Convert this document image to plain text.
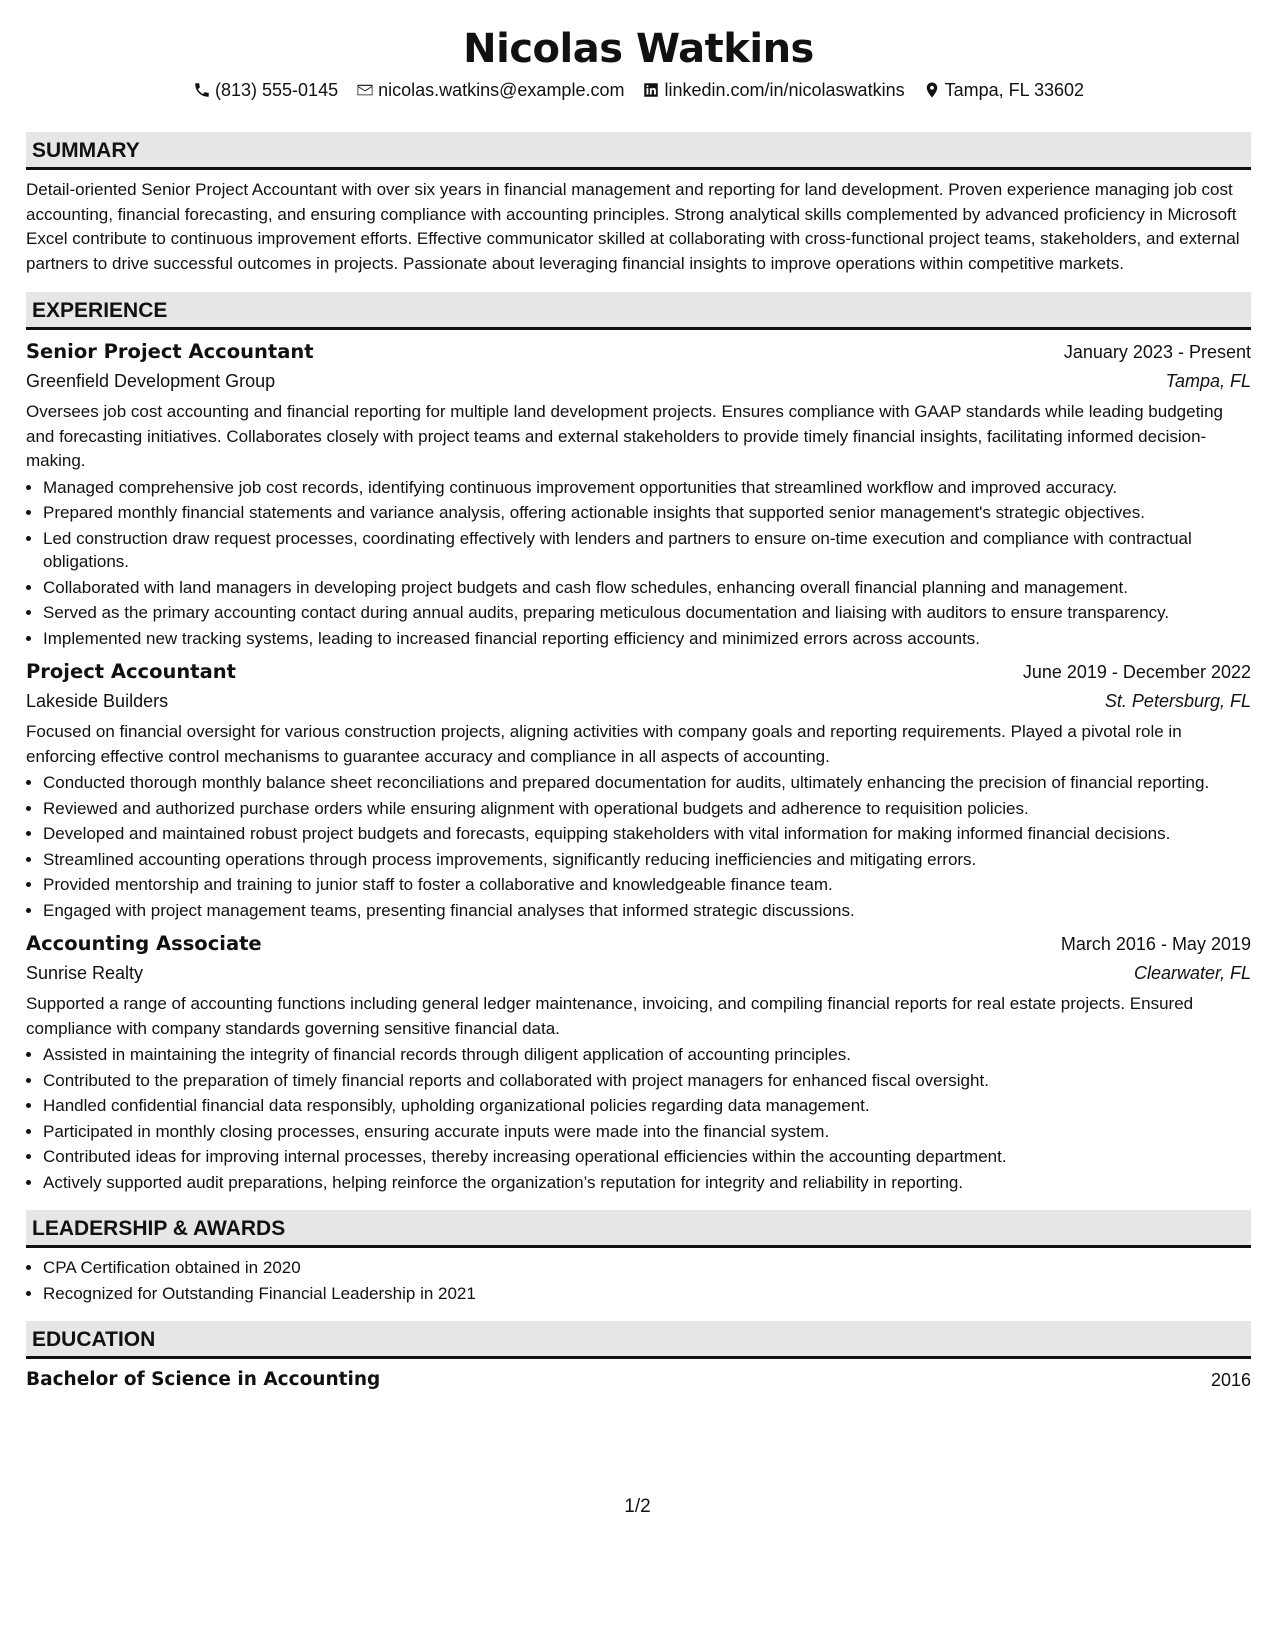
Nicolas Watkins
(813) 555-0145 nicolas.watkins@example.com linkedin.com/in/nicolaswatkins Tampa, FL 33602
SUMMARY
Detail-oriented Senior Project Accountant with over six years in financial management and reporting for land development. Proven experience managing job cost accounting, financial forecasting, and ensuring compliance with accounting principles. Strong analytical skills complemented by advanced proficiency in Microsoft Excel contribute to continuous improvement efforts. Effective communicator skilled at collaborating with cross-functional project teams, stakeholders, and external partners to drive successful outcomes in projects. Passionate about leveraging financial insights to improve operations within competitive markets.
EXPERIENCE
Senior Project Accountant	January 2023 - Present
Greenfield Development Group	Tampa, FL
Oversees job cost accounting and financial reporting for multiple land development projects. Ensures compliance with GAAP standards while leading budgeting and forecasting initiatives. Collaborates closely with project teams and external stakeholders to provide timely financial insights, facilitating informed decision-making.
• Managed comprehensive job cost records, identifying continuous improvement opportunities that streamlined workflow and improved accuracy.
• Prepared monthly financial statements and variance analysis, offering actionable insights that supported senior management's strategic objectives.
• Led construction draw request processes, coordinating effectively with lenders and partners to ensure on-time execution and compliance with contractual obligations.
• Collaborated with land managers in developing project budgets and cash flow schedules, enhancing overall financial planning and management.
• Served as the primary accounting contact during annual audits, preparing meticulous documentation and liaising with auditors to ensure transparency.
• Implemented new tracking systems, leading to increased financial reporting efficiency and minimized errors across accounts.
Project Accountant	June 2019 - December 2022
Lakeside Builders	St. Petersburg, FL
Focused on financial oversight for various construction projects, aligning activities with company goals and reporting requirements. Played a pivotal role in enforcing effective control mechanisms to guarantee accuracy and compliance in all aspects of accounting.
• Conducted thorough monthly balance sheet reconciliations and prepared documentation for audits, ultimately enhancing the precision of financial reporting.
• Reviewed and authorized purchase orders while ensuring alignment with operational budgets and adherence to requisition policies.
• Developed and maintained robust project budgets and forecasts, equipping stakeholders with vital information for making informed financial decisions.
• Streamlined accounting operations through process improvements, significantly reducing inefficiencies and mitigating errors.
• Provided mentorship and training to junior staff to foster a collaborative and knowledgeable finance team.
• Engaged with project management teams, presenting financial analyses that informed strategic discussions.
Accounting Associate	March 2016 - May 2019
Sunrise Realty	Clearwater, FL
Supported a range of accounting functions including general ledger maintenance, invoicing, and compiling financial reports for real estate projects. Ensured compliance with company standards governing sensitive financial data.
• Assisted in maintaining the integrity of financial records through diligent application of accounting principles.
• Contributed to the preparation of timely financial reports and collaborated with project managers for enhanced fiscal oversight.
• Handled confidential financial data responsibly, upholding organizational policies regarding data management.
• Participated in monthly closing processes, ensuring accurate inputs were made into the financial system.
• Contributed ideas for improving internal processes, thereby increasing operational efficiencies within the accounting department.
• Actively supported audit preparations, helping reinforce the organization’s reputation for integrity and reliability in reporting.
LEADERSHIP & AWARDS
• CPA Certification obtained in 2020
• Recognized for Outstanding Financial Leadership in 2021
EDUCATION
Bachelor of Science in Accounting	2016
1/2
